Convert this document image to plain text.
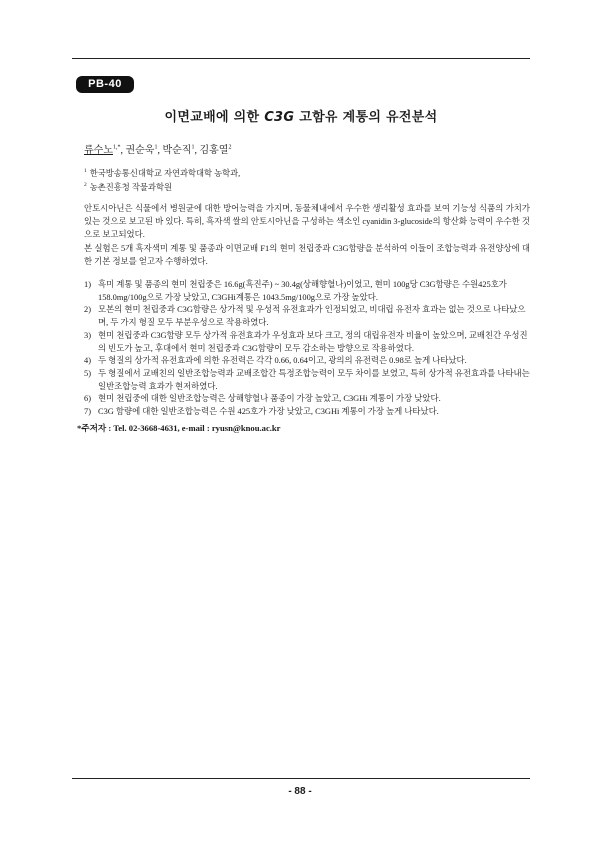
PB-40
이면교배에 의한 C3G 고함유 계통의 유전분석
류수노$^{1,*}$, 권순욱$^1$, 박순직$^1$, 김홍열$^2$
$^1$ 한국방송통신대학교 자연과학대학 농학과,
$^2$ 농촌진흥청 작물과학원

안토시아닌은 식물에서 병원균에 대한 방어능력을 가지며, 동물체내에서 우수한 생리활성 효과를 보여 기능성 식품의 가치가 있는 것으로 보고된 바 있다. 특히, 흑자색 쌀의 안토시아닌을 구성하는 색소인 cyanidin 3-glucoside의 항산화 능력이 우수한 것으로 보고되었다.

본 실험은 5개 흑자색미 계통 및 품종과 이면교배 F1의 현미 천립중과 C3G함량을 분석하여 이들이 조합능력과 유전양상에 대한 기본 정보를 얻고자 수행하였다.

1) 흑미 계통 및 품종의 현미 천립중은 16.6g(흑진주) ~ 30.4g(상해향혈나)이었고, 현미 100g당 C3G함량은 수원425호가 158.0mg/100g으로 가장 낮았고, C3GHi계통은 1043.5mg/100g으로 가장 높았다.
2) 모본의 현미 천립중과 C3G함량은 상가적 및 우성적 유전효과가 인정되었고, 비대립 유전자 효과는 없는 것으로 나타났으며, 두 가지 형질 모두 부분우성으로 작용하였다.
3) 현미 천립중과 C3G함량 모두 상가적 유전효과가 우성효과 보다 크고, 정의 대립유전자 비율이 높았으며, 교배친간 우성진의 빈도가 높고, 후대에서 현미 천립중과 C3G함량이 모두 감소하는 방향으로 작용하였다.
4) 두 형질의 상가적 유전효과에 의한 유전력은 각각 0.66, 0.64이고, 광의의 유전력은 0.98로 높게 나타났다.
5) 두 형질에서 교배친의 일반조합능력과 교배조합간 특정조합능력이 모두 차이를 보였고, 특히 상가적 유전효과를 나타내는 일반조합능력 효과가 현저하였다.
6) 현미 천립중에 대한 일반조합능력은 상해향혈나 품종이 가장 높았고, C3GHi 계통이 가장 낮았다.
7) C3G 함량에 대한 일반조합능력은 수원 425호가 가장 낮았고, C3GHi 계통이 가장 높게 나타났다.
*주저자 : Tel. 02-3668-4631, e-mail : ryusn@knou.ac.kr
- 88 -
